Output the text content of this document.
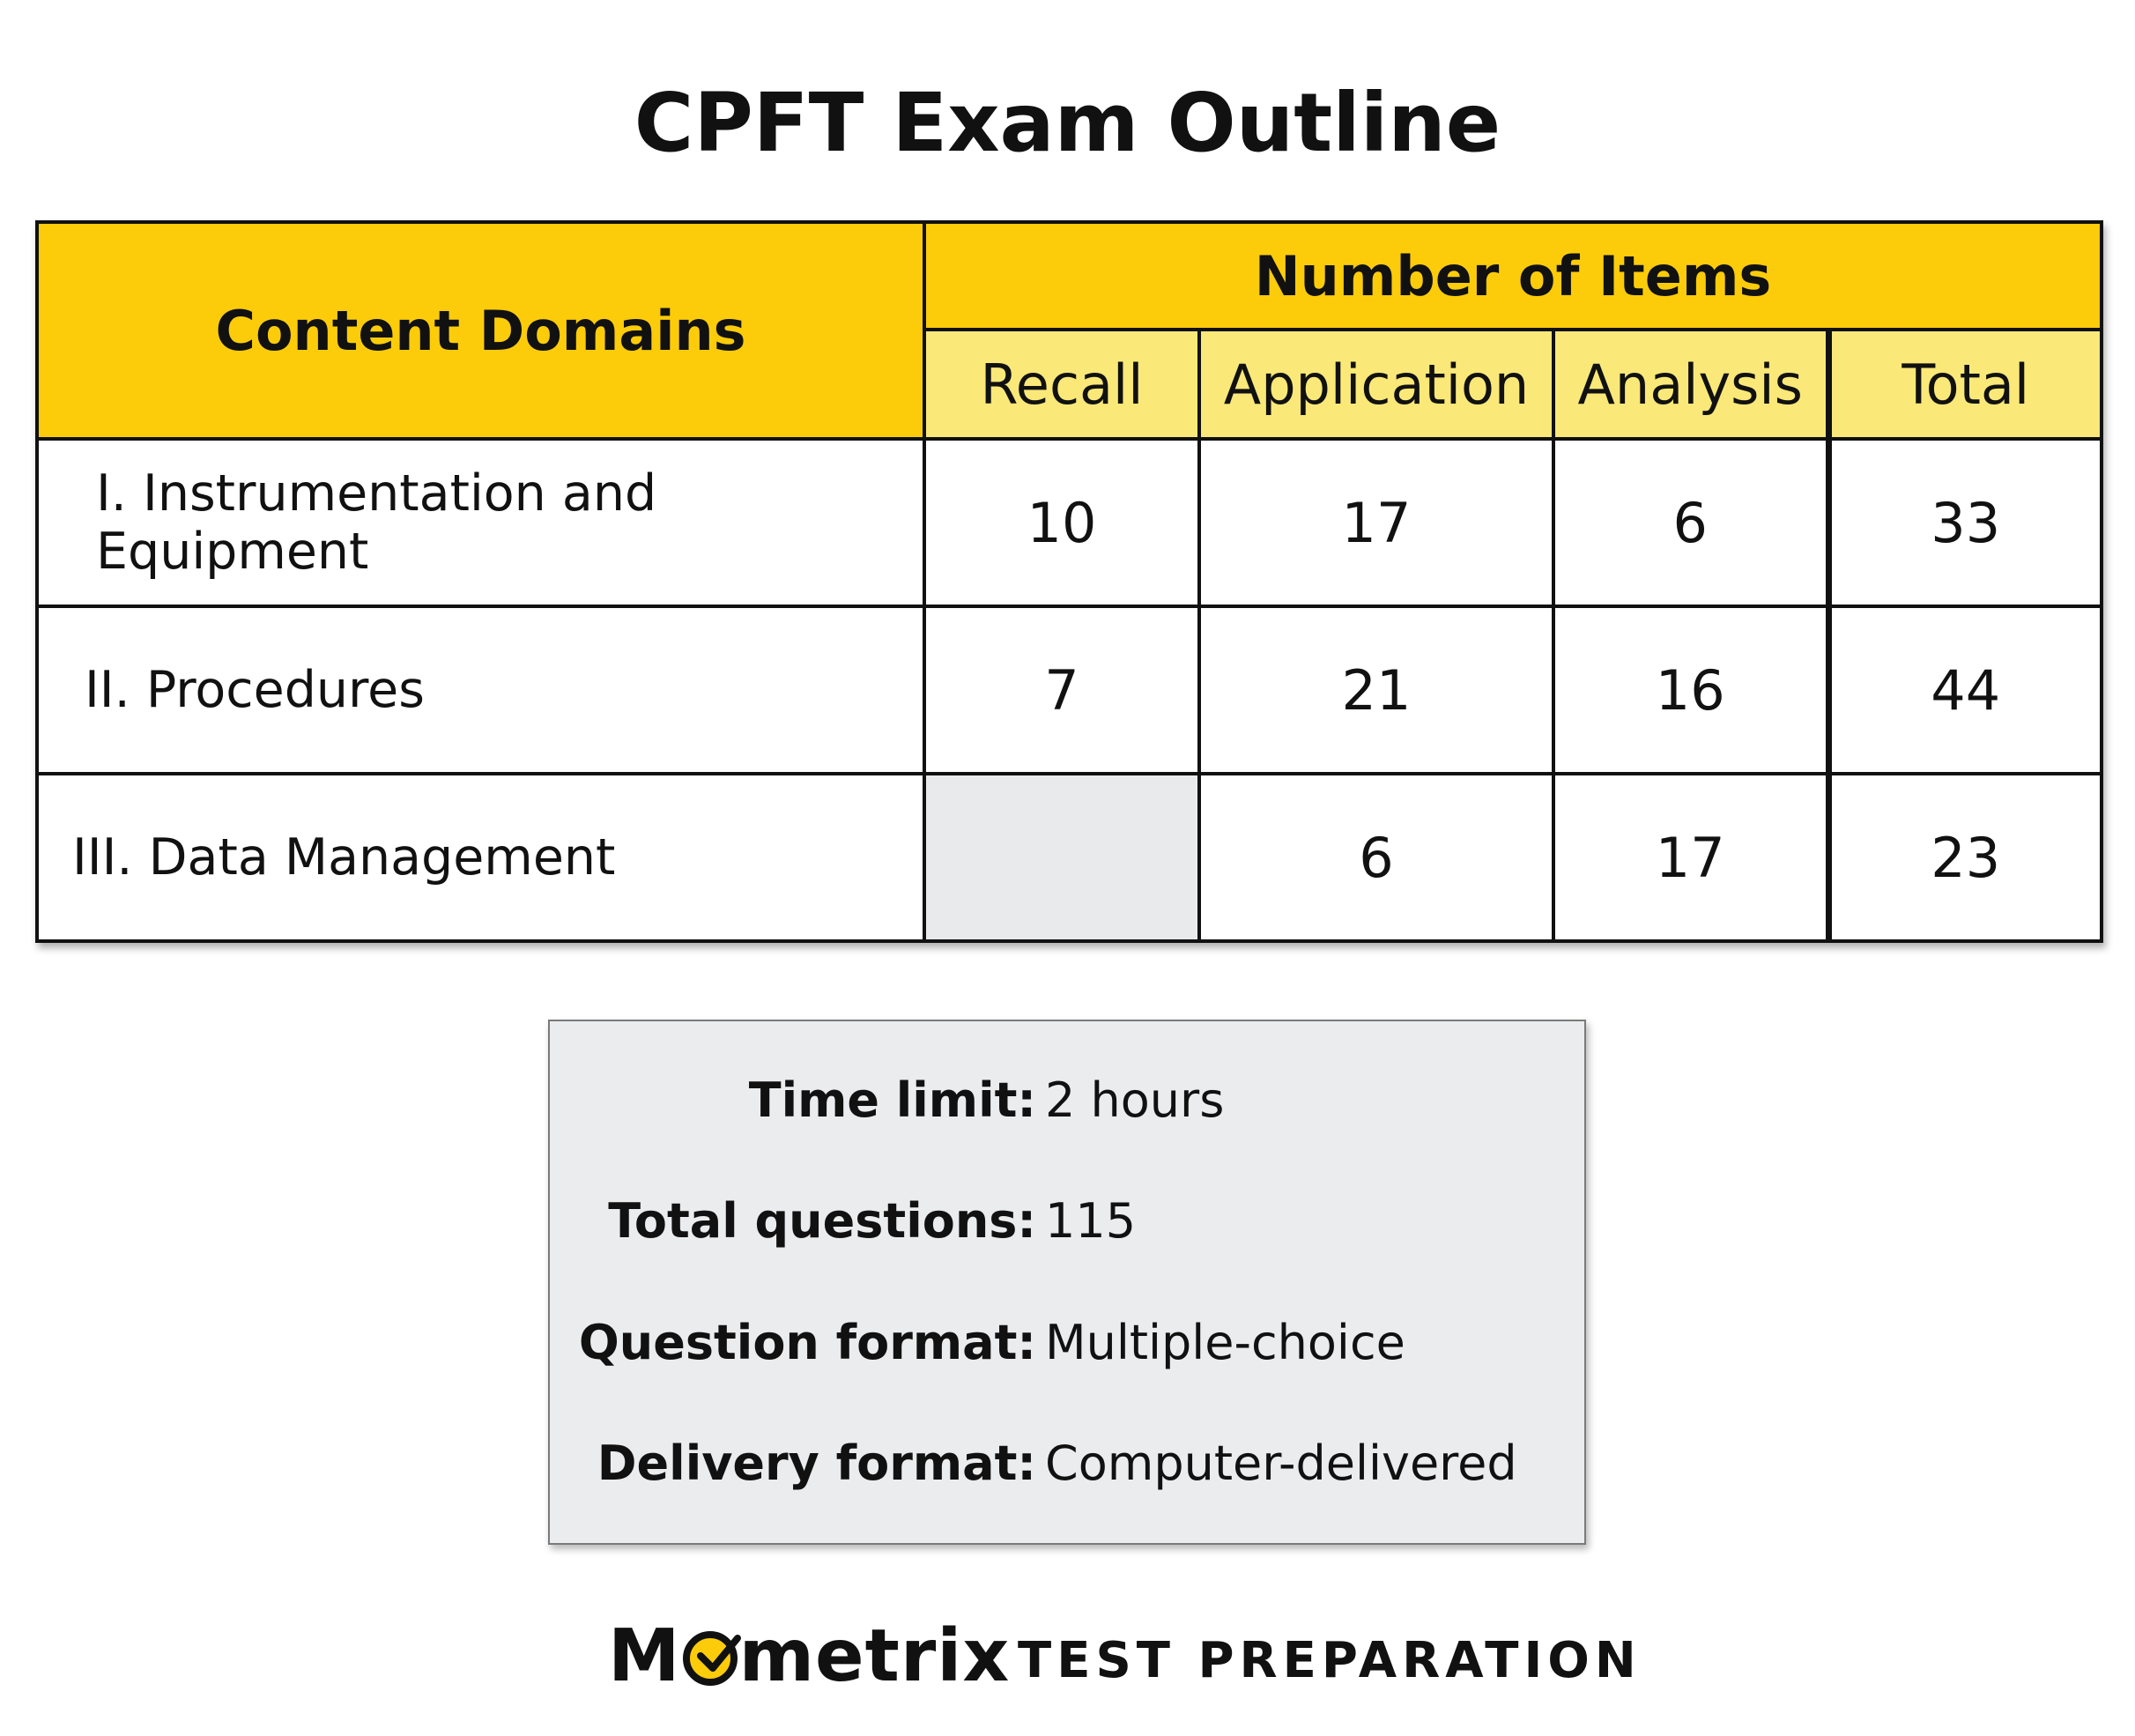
CPFT Exam Outline
Content Domains	Number of Items			
	Recall	Application	Analysis	Total
I. Instrumentation and Equipment	10	17	6	33
II. Procedures	7	21	16	44
III. Data Management		6	17	23
Time limit: 2 hours
Total questions: 115
Question format: Multiple-choice
Delivery format: Computer-delivered
M metrix TEST PREPARATION
